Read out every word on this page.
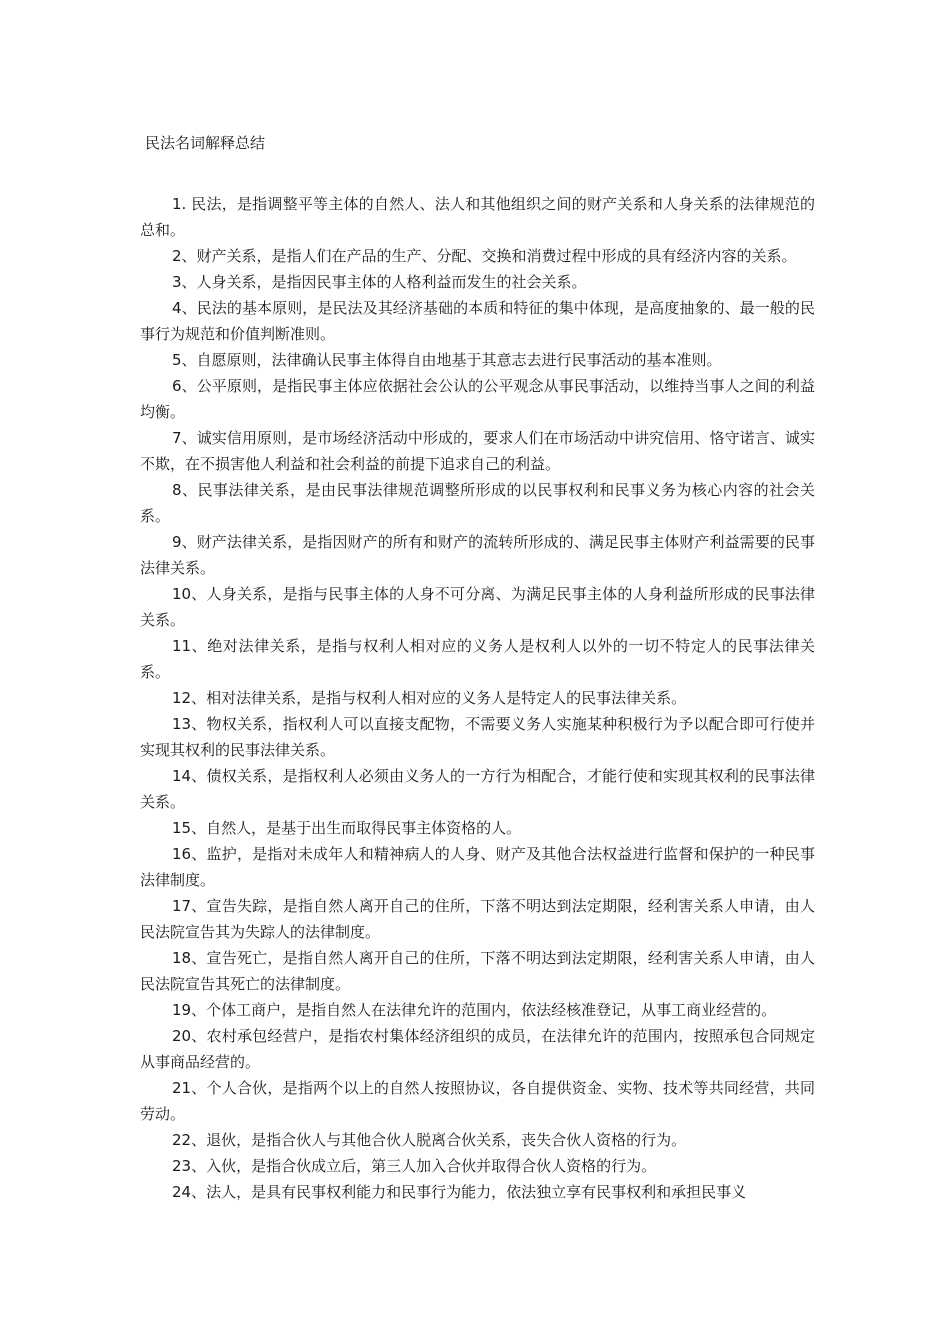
民法名词解释总结

1. 民法，是指调整平等主体的自然人、法人和其他组织之间的财产关系和人身关系的法律规范的总和。

2、财产关系，是指人们在产品的生产、分配、交换和消费过程中形成的具有经济内容的关系。

3、人身关系，是指因民事主体的人格利益而发生的社会关系。

4、民法的基本原则，是民法及其经济基础的本质和特征的集中体现，是高度抽象的、最一般的民事行为规范和价值判断准则。

5、自愿原则，法律确认民事主体得自由地基于其意志去进行民事活动的基本准则。

6、公平原则，是指民事主体应依据社会公认的公平观念从事民事活动，以维持当事人之间的利益均衡。

7、诚实信用原则，是市场经济活动中形成的，要求人们在市场活动中讲究信用、恪守诺言、诚实不欺，在不损害他人利益和社会利益的前提下追求自己的利益。

8、民事法律关系，是由民事法律规范调整所形成的以民事权利和民事义务为核心内容的社会关系。

9、财产法律关系，是指因财产的所有和财产的流转所形成的、满足民事主体财产利益需要的民事法律关系。

10、人身关系，是指与民事主体的人身不可分离、为满足民事主体的人身利益所形成的民事法律关系。

11、绝对法律关系，是指与权利人相对应的义务人是权利人以外的一切不特定人的民事法律关系。

12、相对法律关系，是指与权利人相对应的义务人是特定人的民事法律关系。

13、物权关系，指权利人可以直接支配物，不需要义务人实施某种积极行为予以配合即可行使并实现其权利的民事法律关系。

14、债权关系，是指权利人必须由义务人的一方行为相配合，才能行使和实现其权利的民事法律关系。

15、自然人，是基于出生而取得民事主体资格的人。

16、监护，是指对未成年人和精神病人的人身、财产及其他合法权益进行监督和保护的一种民事法律制度。

17、宣告失踪，是指自然人离开自己的住所，下落不明达到法定期限，经利害关系人申请，由人民法院宣告其为失踪人的法律制度。

18、宣告死亡，是指自然人离开自己的住所，下落不明达到法定期限，经利害关系人申请，由人民法院宣告其死亡的法律制度。

19、个体工商户，是指自然人在法律允许的范围内，依法经核准登记，从事工商业经营的。

20、农村承包经营户，是指农村集体经济组织的成员，在法律允许的范围内，按照承包合同规定从事商品经营的。

21、个人合伙，是指两个以上的自然人按照协议，各自提供资金、实物、技术等共同经营，共同劳动。

22、退伙，是指合伙人与其他合伙人脱离合伙关系，丧失合伙人资格的行为。

23、入伙，是指合伙成立后，第三人加入合伙并取得合伙人资格的行为。

24、法人，是具有民事权利能力和民事行为能力，依法独立享有民事权利和承担民事义
